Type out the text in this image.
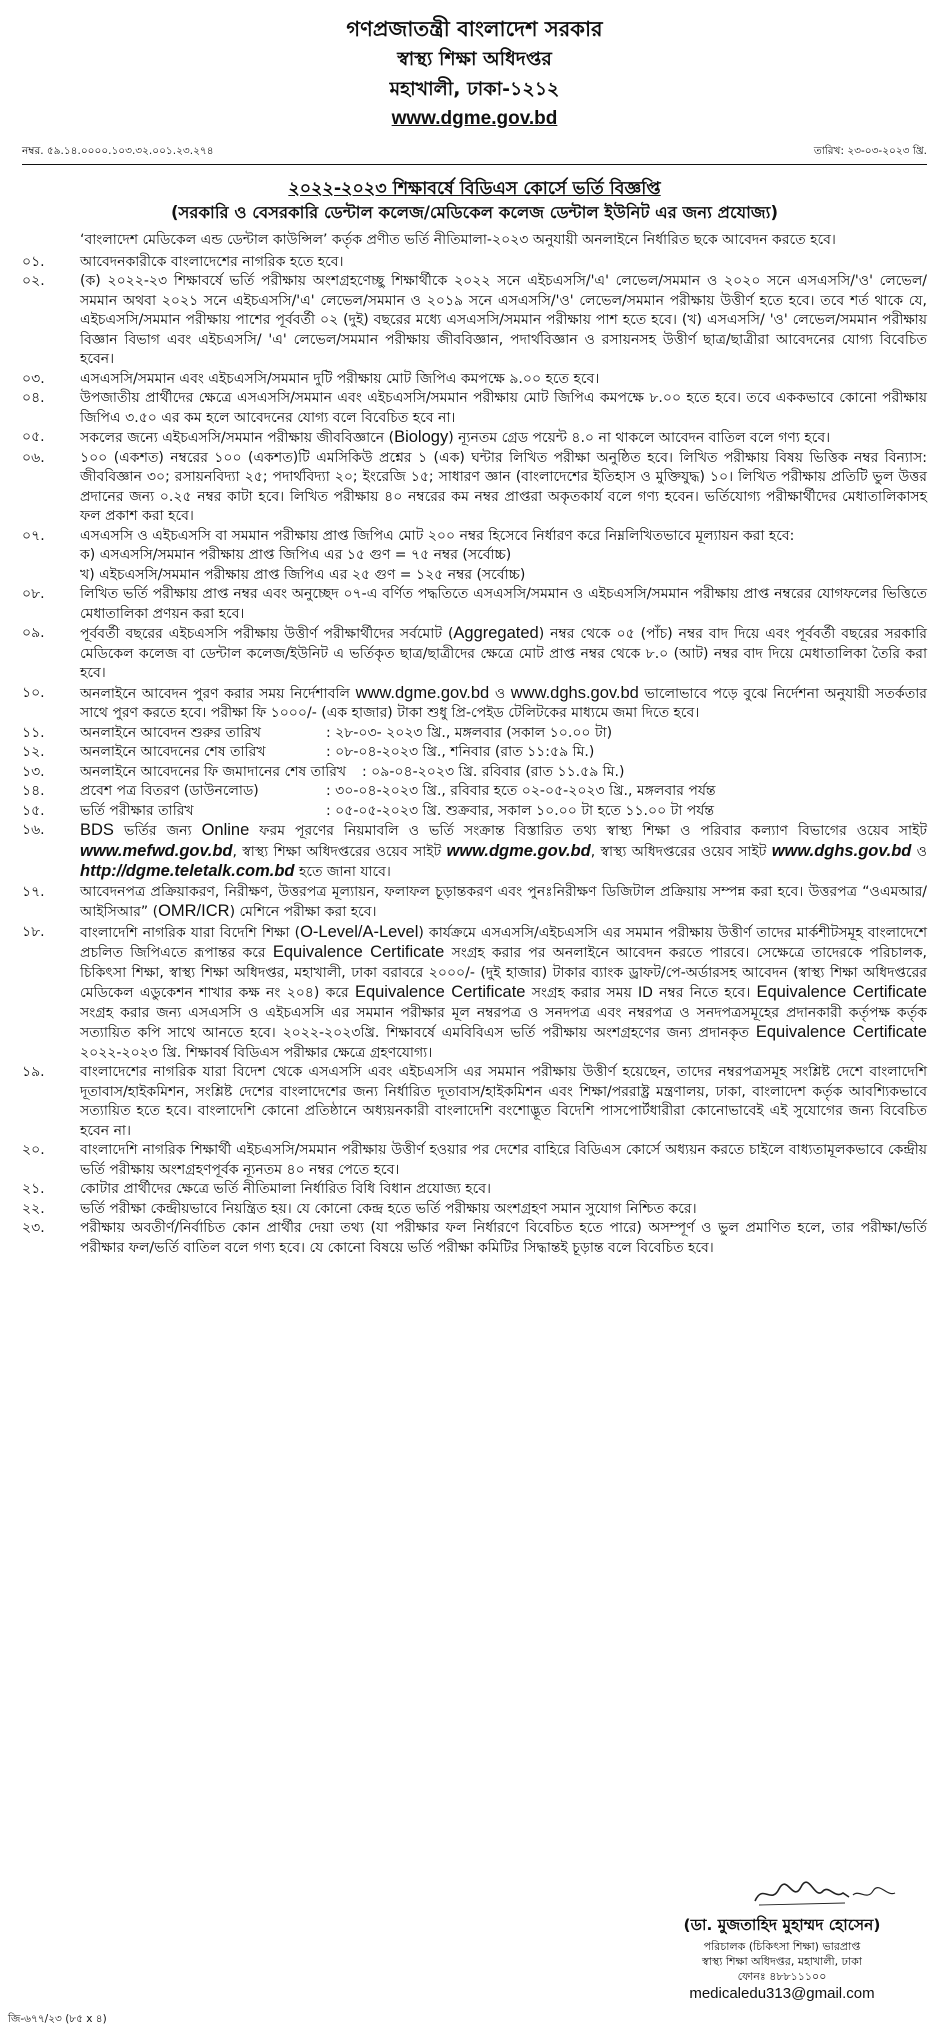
গণপ্রজাতন্ত্রী বাংলাদেশ সরকার
স্বাস্থ্য শিক্ষা অধিদপ্তর
মহাখালী, ঢাকা-১২১২
www.dgme.gov.bd
নম্বর. ৫৯.১৪.০০০০.১০৩.৩২.০০১.২৩.২৭৪	তারিখ: ২৩-০৩-২০২৩ খ্রি.
২০২২-২০২৩ শিক্ষাবর্ষে বিডিএস কোর্সে ভর্তি বিজ্ঞপ্তি
(সরকারি ও বেসরকারি ডেন্টাল কলেজ/মেডিকেল কলেজ ডেন্টাল ইউনিট এর জন্য প্রযোজ্য)
‘বাংলাদেশ মেডিকেল এন্ড ডেন্টাল কাউন্সিল’ কর্তৃক প্রণীত ভর্তি নীতিমালা-২০২৩ অনুযায়ী অনলাইনে নির্ধারিত ছকে আবেদন করতে হবে।
০১.	আবেদনকারীকে বাংলাদেশের নাগরিক হতে হবে।
০২.	(ক) ২০২২-২৩ শিক্ষাবর্ষে ভর্তি পরীক্ষায় অংশগ্রহণেচ্ছু শিক্ষার্থীকে ২০২২ সনে এইচএসসি/'এ' লেভেল/সমমান ও ২০২০ সনে এসএসসি/'ও' লেভেল/সমমান অথবা ২০২১ সনে এইচএসসি/'এ' লেভেল/সমমান ও ২০১৯ সনে এসএসসি/'ও' লেভেল/সমমান পরীক্ষায় উত্তীর্ণ হতে হবে। তবে শর্ত থাকে যে, এইচএসসি/সমমান পরীক্ষায় পাশের পূর্ববর্তী ০২ (দুই) বছরের মধ্যে এসএসসি/সমমান পরীক্ষায় পাশ হতে হবে। (খ) এসএসসি/ 'ও' লেভেল/সমমান পরীক্ষায় বিজ্ঞান বিভাগ এবং এইচএসসি/ 'এ' লেভেল/সমমান পরীক্ষায় জীববিজ্ঞান, পদার্থবিজ্ঞান ও রসায়নসহ উত্তীর্ণ ছাত্র/ছাত্রীরা আবেদনের যোগ্য বিবেচিত হবেন।
০৩.	এসএসসি/সমমান এবং এইচএসসি/সমমান দুটি পরীক্ষায় মোট জিপিএ কমপক্ষে ৯.০০ হতে হবে।
০৪.	উপজাতীয় প্রার্থীদের ক্ষেত্রে এসএসসি/সমমান এবং এইচএসসি/সমমান পরীক্ষায় মোট জিপিএ কমপক্ষে ৮.০০ হতে হবে। তবে এককভাবে কোনো পরীক্ষায় জিপিএ ৩.৫০ এর কম হলে আবেদনের যোগ্য বলে বিবেচিত হবে না।
০৫.	সকলের জন্যে এইচএসসি/সমমান পরীক্ষায় জীববিজ্ঞানে (Biology) ন্যূনতম গ্রেড পয়েন্ট ৪.০ না থাকলে আবেদন বাতিল বলে গণ্য হবে।
০৬.	১০০ (একশত) নম্বরের ১০০ (একশত)টি এমসিকিউ প্রশ্নের ১ (এক) ঘন্টার লিখিত পরীক্ষা অনুষ্ঠিত হবে। লিখিত পরীক্ষায় বিষয় ভিত্তিক নম্বর বিন্যাস: জীববিজ্ঞান ৩০; রসায়নবিদ্যা ২৫; পদার্থবিদ্যা ২০; ইংরেজি ১৫; সাধারণ জ্ঞান (বাংলাদেশের ইতিহাস ও মুক্তিযুদ্ধ) ১০। লিখিত পরীক্ষায় প্রতিটি ভুল উত্তর প্রদানের জন্য ০.২৫ নম্বর কাটা হবে। লিখিত পরীক্ষায় ৪০ নম্বরের কম নম্বর প্রাপ্তরা অকৃতকার্য বলে গণ্য হবেন। ভর্তিযোগ্য পরীক্ষার্থীদের মেধাতালিকাসহ ফল প্রকাশ করা হবে।
০৭.	এসএসসি ও এইচএসসি বা সমমান পরীক্ষায় প্রাপ্ত জিপিএ মোট ২০০ নম্বর হিসেবে নির্ধারণ করে নিম্নলিখিতভাবে মূল্যায়ন করা হবে:
ক) এসএসসি/সমমান পরীক্ষায় প্রাপ্ত জিপিএ এর ১৫ গুণ = ৭৫ নম্বর (সর্বোচ্চ)
খ) এইচএসসি/সমমান পরীক্ষায় প্রাপ্ত জিপিএ এর ২৫ গুণ = ১২৫ নম্বর (সর্বোচ্চ)
০৮.	লিখিত ভর্তি পরীক্ষায় প্রাপ্ত নম্বর এবং অনুচ্ছেদ ০৭-এ বর্ণিত পদ্ধতিতে এসএসসি/সমমান ও এইচএসসি/সমমান পরীক্ষায় প্রাপ্ত নম্বরের যোগফলের ভিত্তিতে মেধাতালিকা প্রণয়ন করা হবে।
০৯.	পূর্ববর্তী বছরের এইচএসসি পরীক্ষায় উত্তীর্ণ পরীক্ষার্থীদের সর্বমোট (Aggregated) নম্বর থেকে ০৫ (পাঁচ) নম্বর বাদ দিয়ে এবং পূর্ববর্তী বছরের সরকারি মেডিকেল কলেজ বা ডেন্টাল কলেজ/ইউনিট এ ভর্তিকৃত ছাত্র/ছাত্রীদের ক্ষেত্রে মোট প্রাপ্ত নম্বর থেকে ৮.০ (আট) নম্বর বাদ দিয়ে মেধাতালিকা তৈরি করা হবে।
১০.	অনলাইনে আবেদন পুরণ করার সময় নির্দেশাবলি www.dgme.gov.bd ও www.dghs.gov.bd ভালোভাবে পড়ে বুঝে নির্দেশনা অনুযায়ী সতর্কতার সাথে পুরণ করতে হবে। পরীক্ষা ফি ১০০০/- (এক হাজার) টাকা শুধু প্রি-পেইড টেলিটকের মাধ্যমে জমা দিতে হবে।
১১.	অনলাইনে আবেদন শুরুর তারিখ	: ২৮-০৩- ২০২৩ খ্রি., মঙ্গলবার (সকাল ১০.০০ টা)
১২.	অনলাইনে আবেদনের শেষ তারিখ	: ০৮-০৪-২০২৩ খ্রি., শনিবার (রাত ১১:৫৯ মি.)
১৩.	অনলাইনে আবেদনের ফি জমাদানের শেষ তারিখ	: ০৯-০৪-২০২৩ খ্রি. রবিবার (রাত ১১.৫৯ মি.)
১৪.	প্রবেশ পত্র বিতরণ (ডাউনলোড)	: ৩০-০৪-২০২৩ খ্রি., রবিবার হতে ০২-০৫-২০২৩ খ্রি., মঙ্গলবার পর্যন্ত
১৫.	ভর্তি পরীক্ষার তারিখ	: ০৫-০৫-২০২৩ খ্রি. শুক্রবার, সকাল ১০.০০ টা হতে ১১.০০ টা পর্যন্ত
১৬.	BDS ভর্তির জন্য Online ফরম পূরণের নিয়মাবলি ও ভর্তি সংক্রান্ত বিস্তারিত তথ্য স্বাস্থ্য শিক্ষা ও পরিবার কল্যাণ বিভাগের ওয়েব সাইট www.mefwd.gov.bd, স্বাস্থ্য শিক্ষা অধিদপ্তরের ওয়েব সাইট www.dgme.gov.bd, স্বাস্থ্য অধিদপ্তরের ওয়েব সাইট www.dghs.gov.bd ও http://dgme.teletalk.com.bd হতে জানা যাবে।
১৭.	আবেদনপত্র প্রক্রিয়াকরণ, নিরীক্ষণ, উত্তরপত্র মূল্যায়ন, ফলাফল চূড়ান্তকরণ এবং পুনঃনিরীক্ষণ ডিজিটাল প্রক্রিয়ায় সম্পন্ন করা হবে। উত্তরপত্র “ওএমআর/আইসিআর” (OMR/ICR) মেশিনে পরীক্ষা করা হবে।
১৮.	বাংলাদেশি নাগরিক যারা বিদেশি শিক্ষা (O-Level/A-Level) কার্যক্রমে এসএসসি/এইচএসসি এর সমমান পরীক্ষায় উত্তীর্ণ তাদের মার্কশীটসমূহ বাংলাদেশে প্রচলিত জিপিএতে রূপান্তর করে Equivalence Certificate সংগ্রহ করার পর অনলাইনে আবেদন করতে পারবে। সেক্ষেত্রে তাদেরকে পরিচালক, চিকিৎসা শিক্ষা, স্বাস্থ্য শিক্ষা অধিদপ্তর, মহাখালী, ঢাকা বরাবরে ২০০০/- (দুই হাজার) টাকার ব্যাংক ড্রাফট/পে-অর্ডারসহ আবেদন (স্বাস্থ্য শিক্ষা অধিদপ্তরের মেডিকেল এডুকেশন শাখার কক্ষ নং ২০৪) করে Equivalence Certificate সংগ্রহ করার সময় ID নম্বর নিতে হবে। Equivalence Certificate সংগ্রহ করার জন্য এসএসসি ও এইচএসসি এর সমমান পরীক্ষার মূল নম্বরপত্র ও সনদপত্র এবং নম্বরপত্র ও সনদপত্রসমূহের প্রদানকারী কর্তৃপক্ষ কর্তৃক সত্যায়িত কপি সাথে আনতে হবে। ২০২২-২০২৩খ্রি. শিক্ষাবর্ষে এমবিবিএস ভর্তি পরীক্ষায় অংশগ্রহণের জন্য প্রদানকৃত Equivalence Certificate ২০২২-২০২৩ খ্রি. শিক্ষাবর্ষ বিডিএস পরীক্ষার ক্ষেত্রে গ্রহণযোগ্য।
১৯.	বাংলাদেশের নাগরিক যারা বিদেশ থেকে এসএসসি এবং এইচএসসি এর সমমান পরীক্ষায় উত্তীর্ণ হয়েছেন, তাদের নম্বরপত্রসমূহ সংশ্লিষ্ট দেশে বাংলাদেশি দূতাবাস/হাইকমিশন, সংশ্লিষ্ট দেশের বাংলাদেশের জন্য নির্ধারিত দূতাবাস/হাইকমিশন এবং শিক্ষা/পররাষ্ট্র মন্ত্রণালয়, ঢাকা, বাংলাদেশ কর্তৃক আবশ্যিকভাবে সত্যায়িত হতে হবে। বাংলাদেশি কোনো প্রতিষ্ঠানে অধ্যয়নকারী বাংলাদেশি বংশোদ্ভূত বিদেশি পাসপোর্টধারীরা কোনোভাবেই এই সুযোগের জন্য বিবেচিত হবেন না।
২০.	বাংলাদেশি নাগরিক শিক্ষার্থী এইচএসসি/সমমান পরীক্ষায় উত্তীর্ণ হওয়ার পর দেশের বাহিরে বিডিএস কোর্সে অধ্যয়ন করতে চাইলে বাধ্যতামূলকভাবে কেন্দ্রীয় ভর্তি পরীক্ষায় অংশগ্রহণপূর্বক ন্যূনতম ৪০ নম্বর পেতে হবে।
২১.	কোটার প্রার্থীদের ক্ষেত্রে ভর্তি নীতিমালা নির্ধারিত বিধি বিধান প্রযোজ্য হবে।
২২.	ভর্তি পরীক্ষা কেন্দ্রীয়ভাবে নিয়ন্ত্রিত হয়। যে কোনো কেন্দ্র হতে ভর্তি পরীক্ষায় অংশগ্রহণ সমান সুযোগ নিশ্চিত করে।
২৩.	পরীক্ষায় অবতীর্ণ/নির্বাচিত কোন প্রার্থীর দেয়া তথ্য (যা পরীক্ষার ফল নির্ধারণে বিবেচিত হতে পারে) অসম্পূর্ণ ও ভুল প্রমাণিত হলে, তার পরীক্ষা/ভর্তি পরীক্ষার ফল/ভর্তি বাতিল বলে গণ্য হবে। যে কোনো বিষয়ে ভর্তি পরীক্ষা কমিটির সিদ্ধান্তই চূড়ান্ত বলে বিবেচিত হবে।
(ডা. মুজতাহিদ মুহাম্মদ হোসেন)
পরিচালক (চিকিৎসা শিক্ষা) ভারপ্রাপ্ত
স্বাস্থ্য শিক্ষা অধিদপ্তর, মহাখালী, ঢাকা
ফোনঃ ৪৮৮১১১০০
medicaledu313@gmail.com
জি-৬৭৭/২৩ (৮৫ x ৪)
